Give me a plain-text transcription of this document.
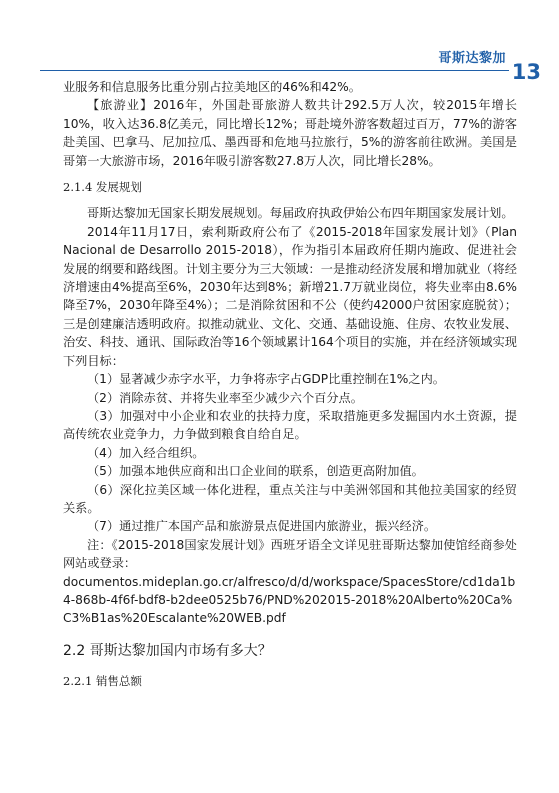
哥斯达黎加
13

业服务和信息服务比重分别占拉美地区的46%和42%。

【旅游业】2016年，外国赴哥旅游人数共计292.5万人次，较2015年增长10%，收入达36.8亿美元，同比增长12%；哥赴境外游客数超过百万，77%的游客赴美国、巴拿马、尼加拉瓜、墨西哥和危地马拉旅行，5%的游客前往欧洲。美国是哥第一大旅游市场，2016年吸引游客数27.8万人次，同比增长28%。

2.1.4 发展规划

哥斯达黎加无国家长期发展规划。每届政府执政伊始公布四年期国家发展计划。

2014年11月17日，索利斯政府公布了《2015-2018年国家发展计划》（Plan Nacional de Desarrollo 2015-2018），作为指引本届政府任期内施政、促进社会发展的纲要和路线图。计划主要分为三大领域：一是推动经济发展和增加就业（将经济增速由4%提高至6%，2030年达到8%；新增21.7万就业岗位，将失业率由8.6%降至7%，2030年降至4%）；二是消除贫困和不公（使约42000户贫困家庭脱贫）；三是创建廉洁透明政府。拟推动就业、文化、交通、基础设施、住房、农牧业发展、治安、科技、通讯、国际政治等16个领域累计164个项目的实施，并在经济领域实现下列目标：

（1）显著减少赤字水平，力争将赤字占GDP比重控制在1%之内。

（2）消除赤贫、并将失业率至少减少六个百分点。

（3）加强对中小企业和农业的扶持力度，采取措施更多发掘国内水土资源，提高传统农业竞争力，力争做到粮食自给自足。

（4）加入经合组织。

（5）加强本地供应商和出口企业间的联系，创造更高附加值。

（6）深化拉美区域一体化进程，重点关注与中美洲邻国和其他拉美国家的经贸关系。

（7）通过推广本国产品和旅游景点促进国内旅游业，振兴经济。

注：《2015-2018国家发展计划》西班牙语全文详见驻哥斯达黎加使馆经商参处网站或登录：

documentos.mideplan.go.cr/alfresco/d/d/workspace/SpacesStore/cd1da1b4-868b-4f6f-bdf8-b2dee0525b76/PND%202015-2018%20Alberto%20Ca%C3%B1as%20Escalante%20WEB.pdf

2.2 哥斯达黎加国内市场有多大？
2.2.1 销售总额
